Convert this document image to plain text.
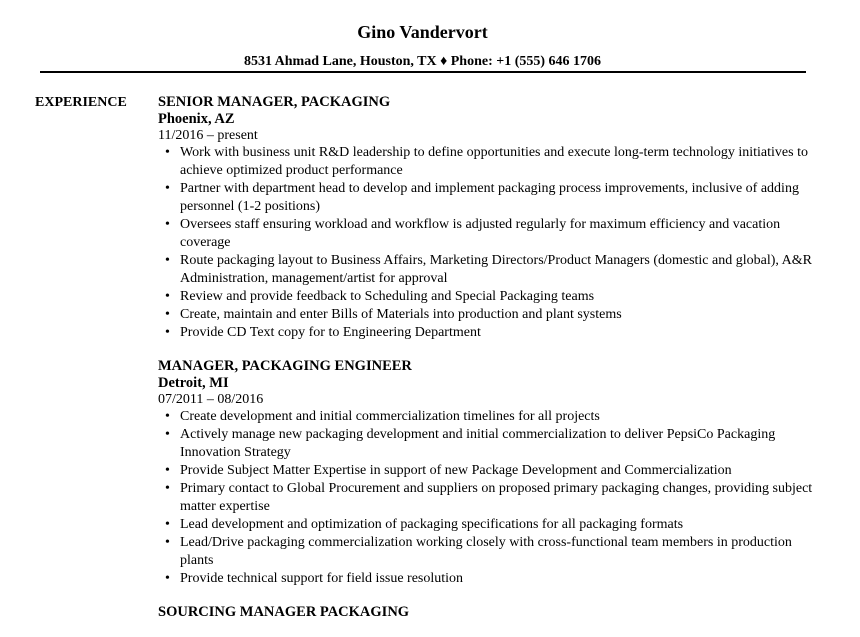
Gino Vandervort
8531 Ahmad Lane, Houston, TX ♦ Phone: +1 (555) 646 1706
EXPERIENCE SENIOR MANAGER, PACKAGING
Phoenix, AZ
11/2016 – present
• Work with business unit R&D leadership to define opportunities and execute long-term technology initiatives to achieve optimized product performance
• Partner with department head to develop and implement packaging process improvements, inclusive of adding personnel (1-2 positions)
• Oversees staff ensuring workload and workflow is adjusted regularly for maximum efficiency and vacation coverage
• Route packaging layout to Business Affairs, Marketing Directors/Product Managers (domestic and global), A&R Administration, management/artist for approval
• Review and provide feedback to Scheduling and Special Packaging teams
• Create, maintain and enter Bills of Materials into production and plant systems
• Provide CD Text copy for to Engineering Department
MANAGER, PACKAGING ENGINEER
Detroit, MI
07/2011 – 08/2016
• Create development and initial commercialization timelines for all projects
• Actively manage new packaging development and initial commercialization to deliver PepsiCo Packaging Innovation Strategy
• Provide Subject Matter Expertise in support of new Package Development and Commercialization
• Primary contact to Global Procurement and suppliers on proposed primary packaging changes, providing subject matter expertise
• Lead development and optimization of packaging specifications for all packaging formats
• Lead/Drive packaging commercialization working closely with cross-functional team members in production plants
• Provide technical support for field issue resolution
SOURCING MANAGER PACKAGING
